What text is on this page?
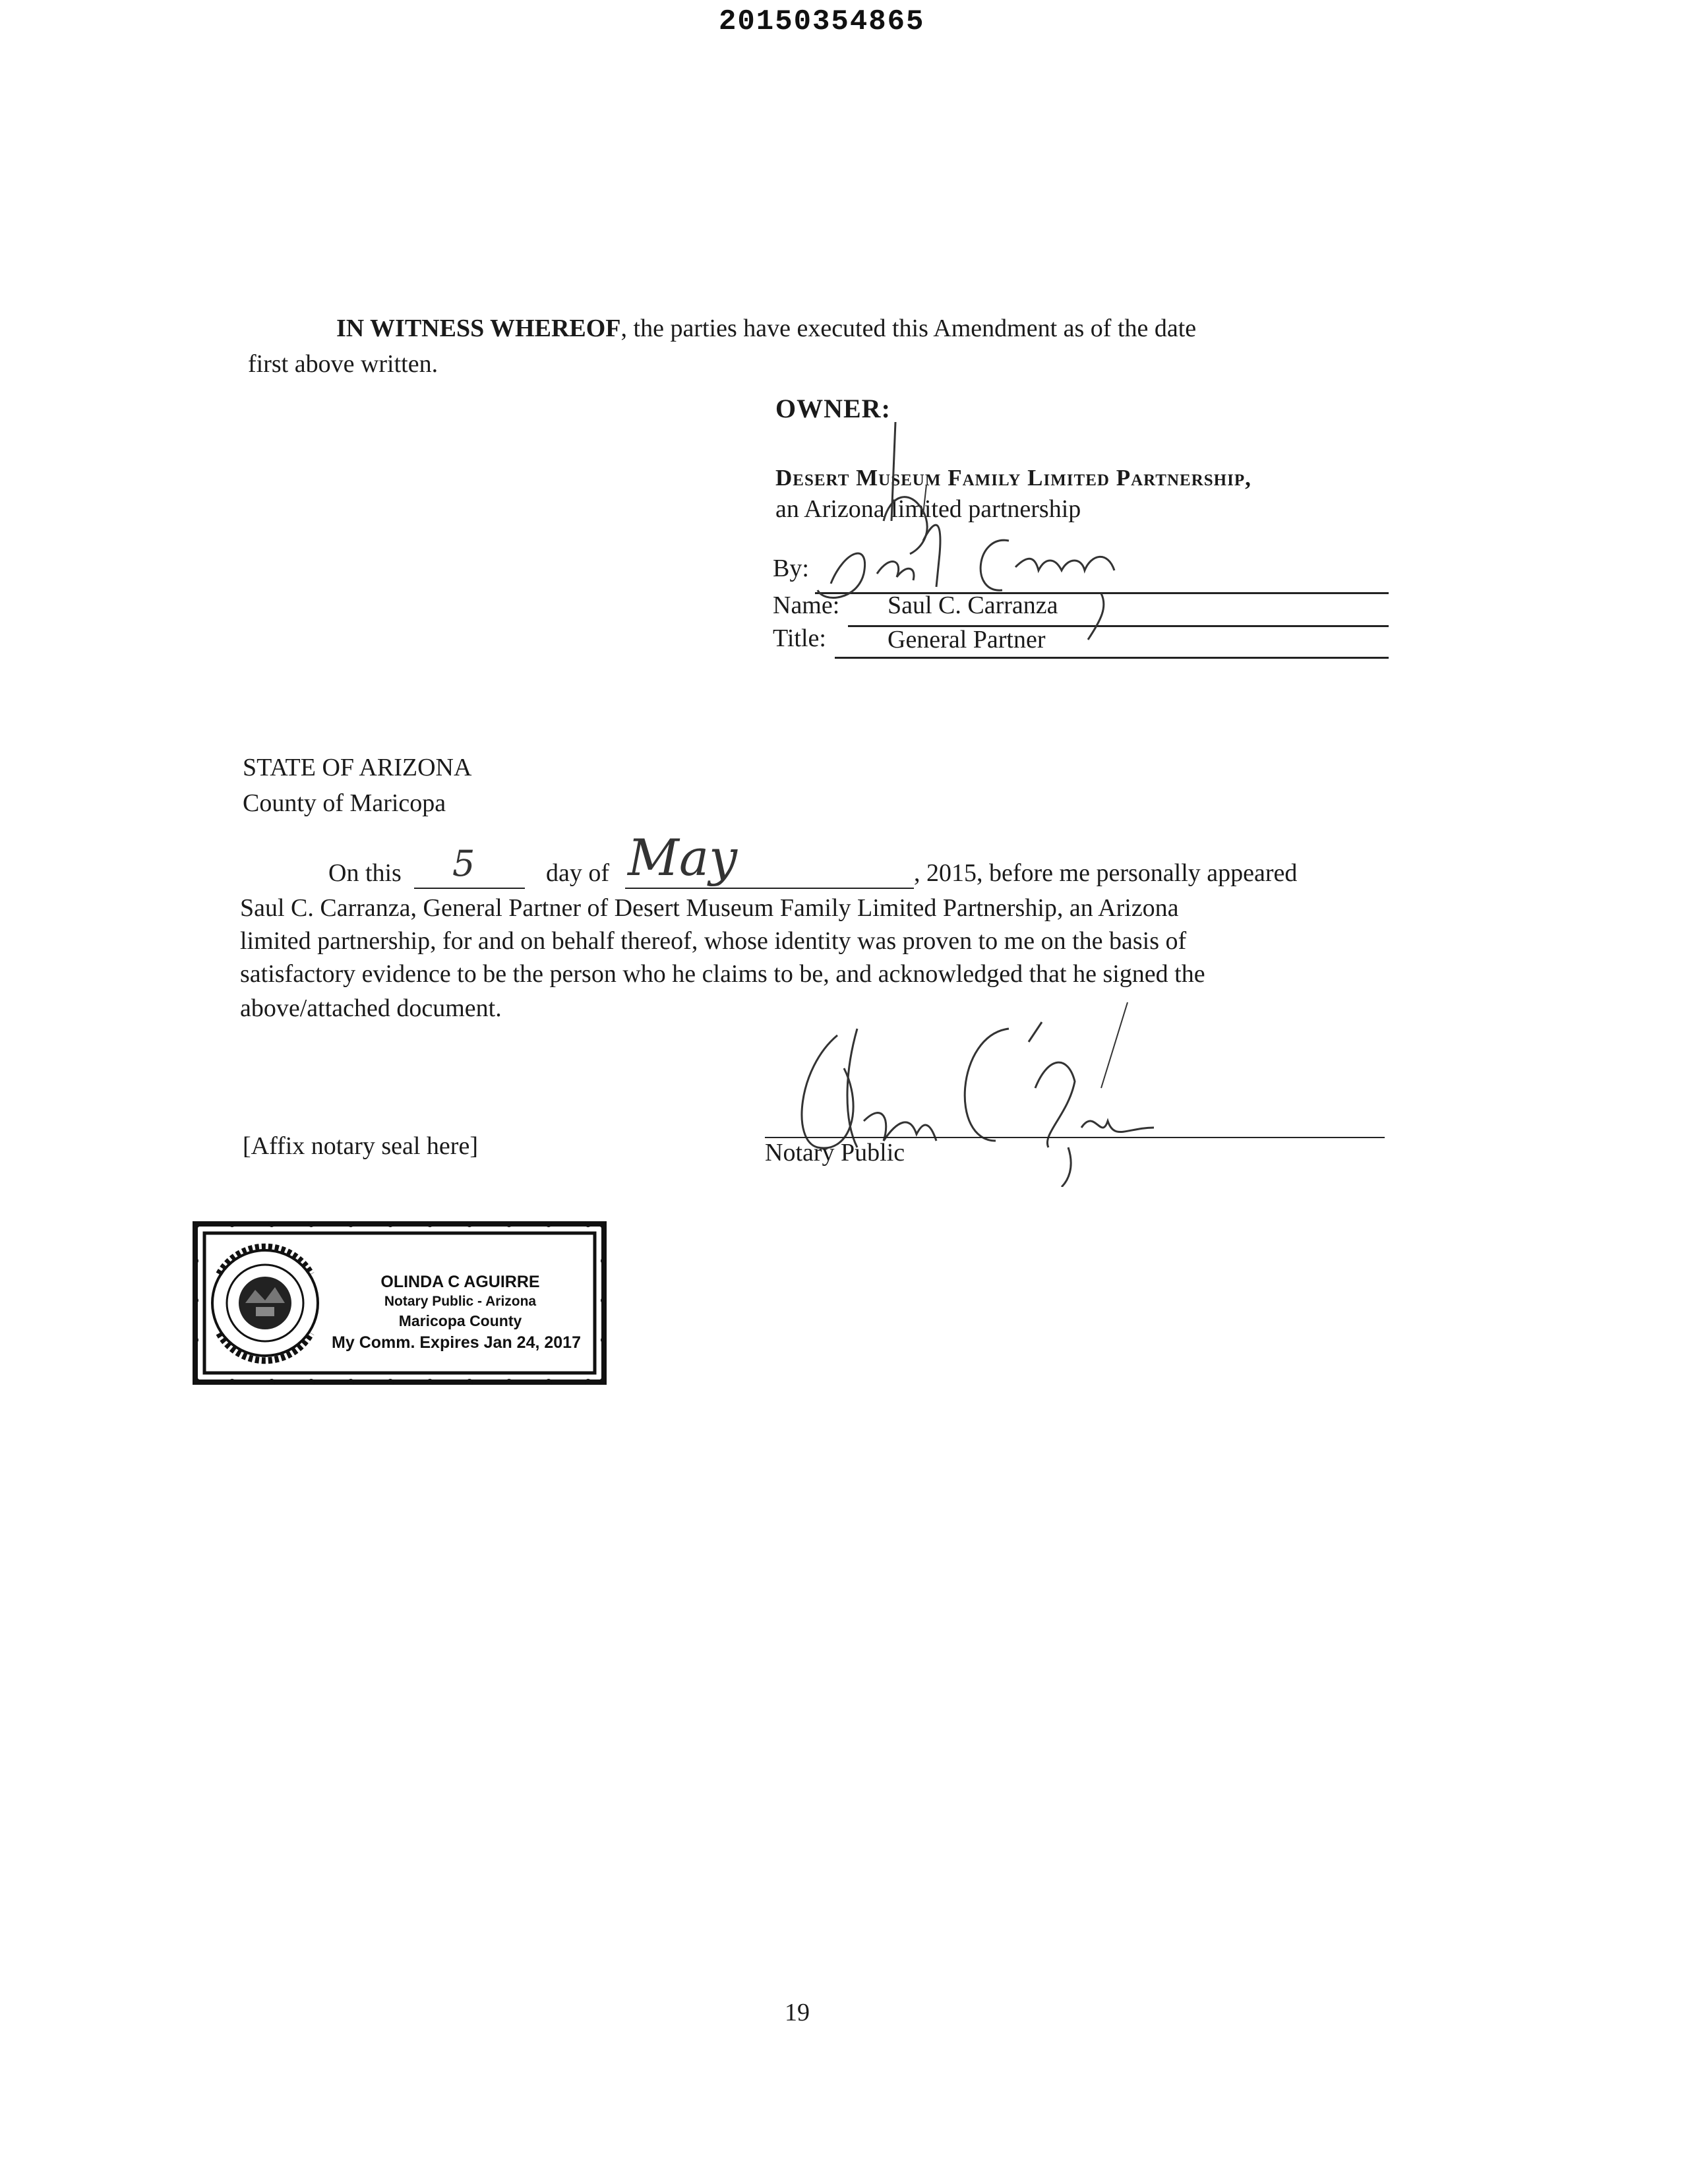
20150354865
IN WITNESS WHEREOF, the parties have executed this Amendment as of the date
first above written.
OWNER:
Desert Museum Family Limited Partnership,
an Arizona limited partnership
By:
Name: Saul C. Carranza
Title: General Partner
STATE OF ARIZONA
County of Maricopa
On this 5	day of May	, 2015, before me personally appeared
Saul C. Carranza, General Partner of Desert Museum Family Limited Partnership, an Arizona
limited partnership, for and on behalf thereof, whose identity was proven to me on the basis of
satisfactory evidence to be the person who he claims to be, and acknowledged that he signed the
above/attached document.
Notary Public
[Affix notary seal here]
OLINDA C AGUIRRE
Notary Public - Arizona
Maricopa County
My Comm. Expires Jan 24, 2017
19
